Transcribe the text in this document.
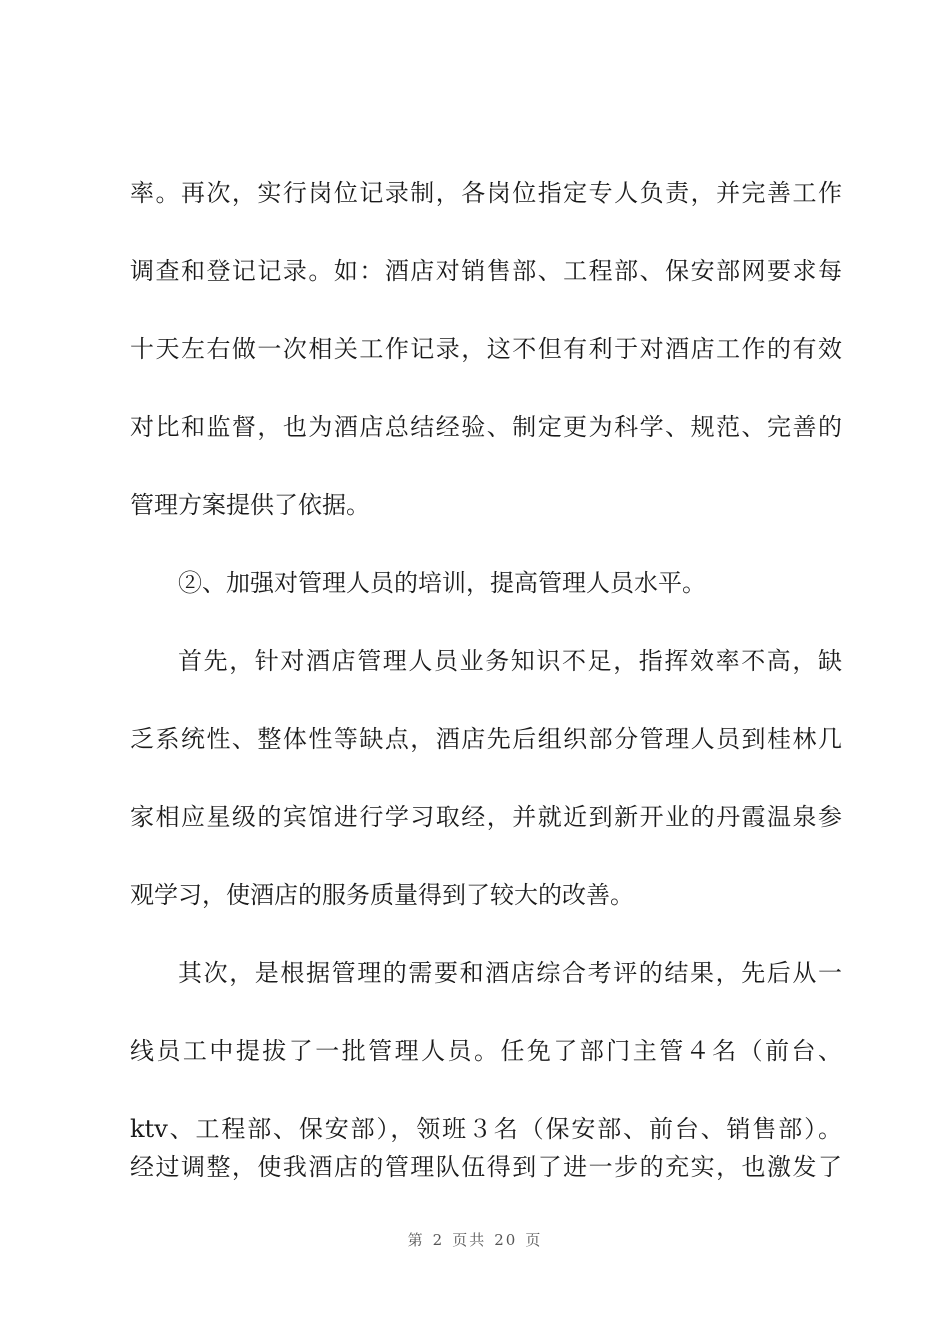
率。再次，实行岗位记录制，各岗位指定专人负责，并完善工作
调查和登记记录。如：酒店对销售部、工程部、保安部网要求每
十天左右做一次相关工作记录，这不但有利于对酒店工作的有效
对比和监督，也为酒店总结经验、制定更为科学、规范、完善的
管理方案提供了依据。
②、加强对管理人员的培训，提高管理人员水平。
首先，针对酒店管理人员业务知识不足，指挥效率不高，缺
乏系统性、整体性等缺点，酒店先后组织部分管理人员到桂林几
家相应星级的宾馆进行学习取经，并就近到新开业的丹霞温泉参
观学习，使酒店的服务质量得到了较大的改善。
其次，是根据管理的需要和酒店综合考评的结果，先后从一
线员工中提拔了一批管理人员。任免了部门主管４名（前台、
ktv、工程部、保安部），领班３名（保安部、前台、销售部）。
经过调整，使我酒店的管理队伍得到了进一步的充实，也激发了
第 2 页共 20 页
